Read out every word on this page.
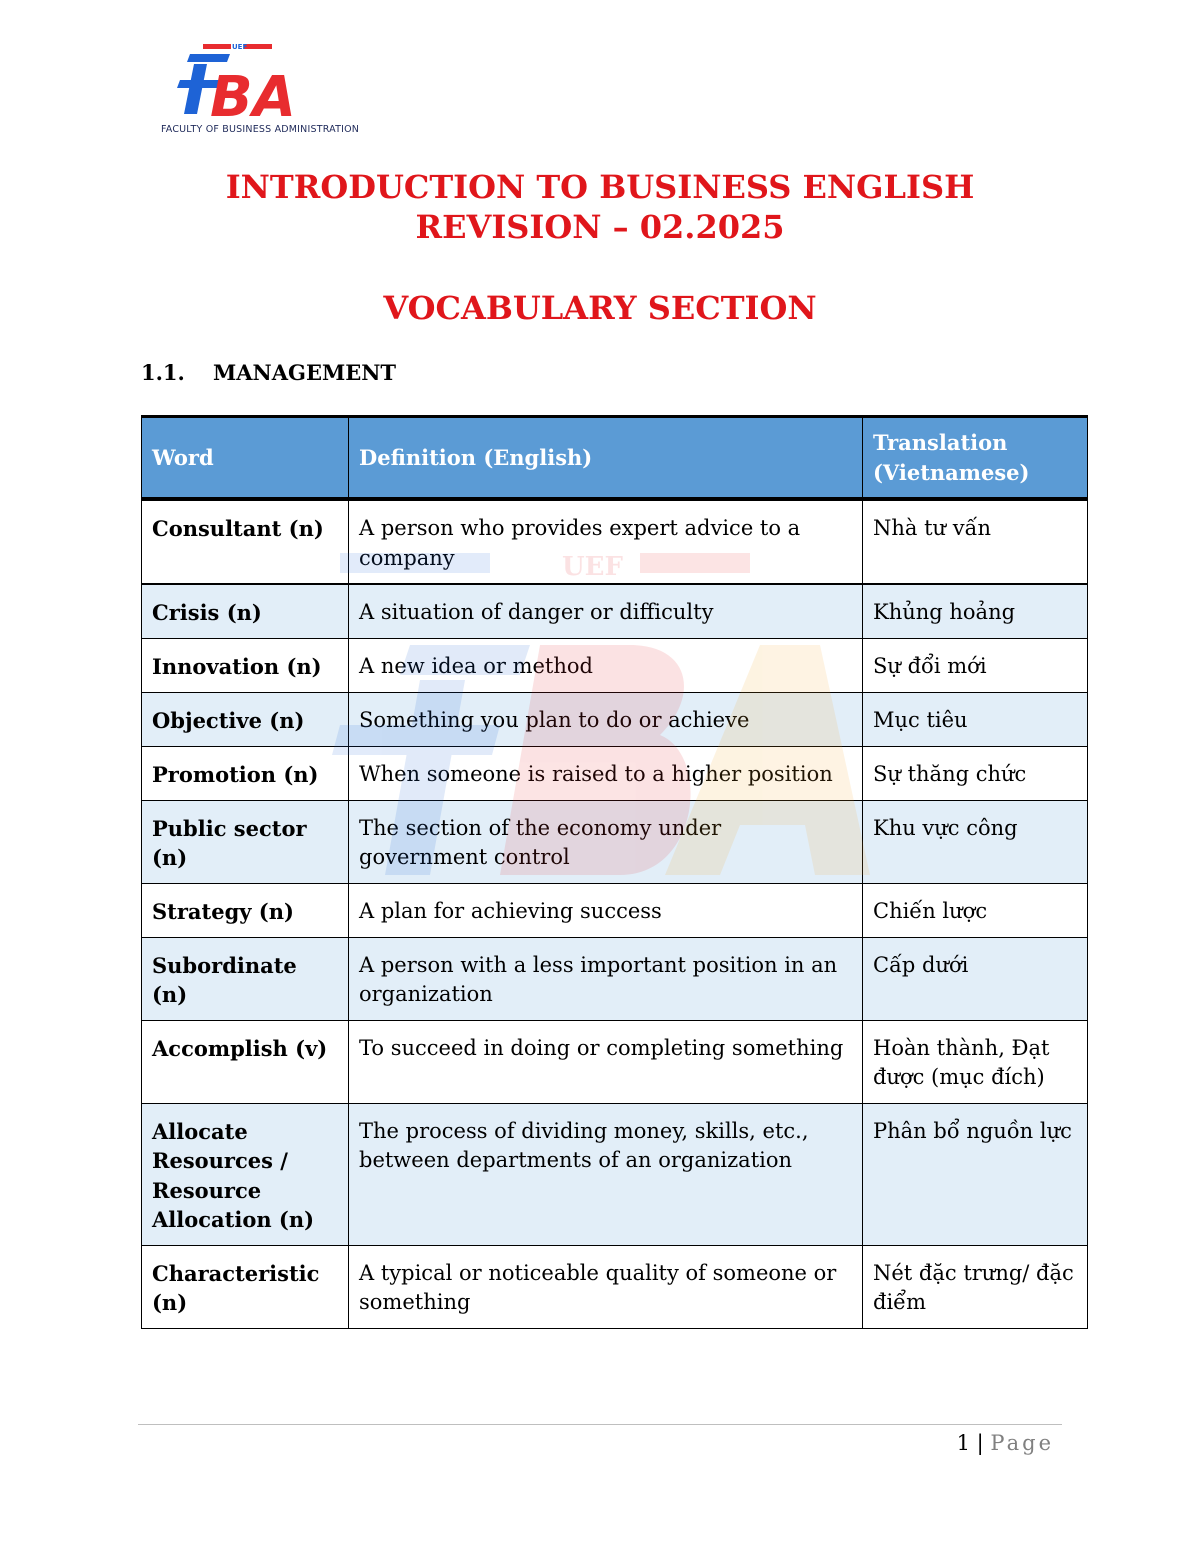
UEF
BA
FACULTY OF BUSINESS ADMINISTRATION
INTRODUCTION TO BUSINESS ENGLISH
REVISION – 02.2025
VOCABULARY SECTION
1.1. MANAGEMENT
Word	Definition (English)	Translation (Vietnamese)
Consultant (n)	A person who provides expert advice to a company	Nhà tư vấn
Crisis (n)	A situation of danger or difficulty	Khủng hoảng
Innovation (n)	A new idea or method	Sự đổi mới
Objective (n)	Something you plan to do or achieve	Mục tiêu
Promotion (n)	When someone is raised to a higher position	Sự thăng chức
Public sector (n)	The section of the economy under government control	Khu vực công
Strategy (n)	A plan for achieving success	Chiến lược
Subordinate (n)	A person with a less important position in an organization	Cấp dưới
Accomplish (v)	To succeed in doing or completing something	Hoàn thành, Đạt được (mục đích)
Allocate Resources / Resource Allocation (n)	The process of dividing money, skills, etc., between departments of an organization	Phân bổ nguồn lực
Characteristic (n)	A typical or noticeable quality of someone or something	Nét đặc trưng/ đặc điểm
UEF
1 | Page
